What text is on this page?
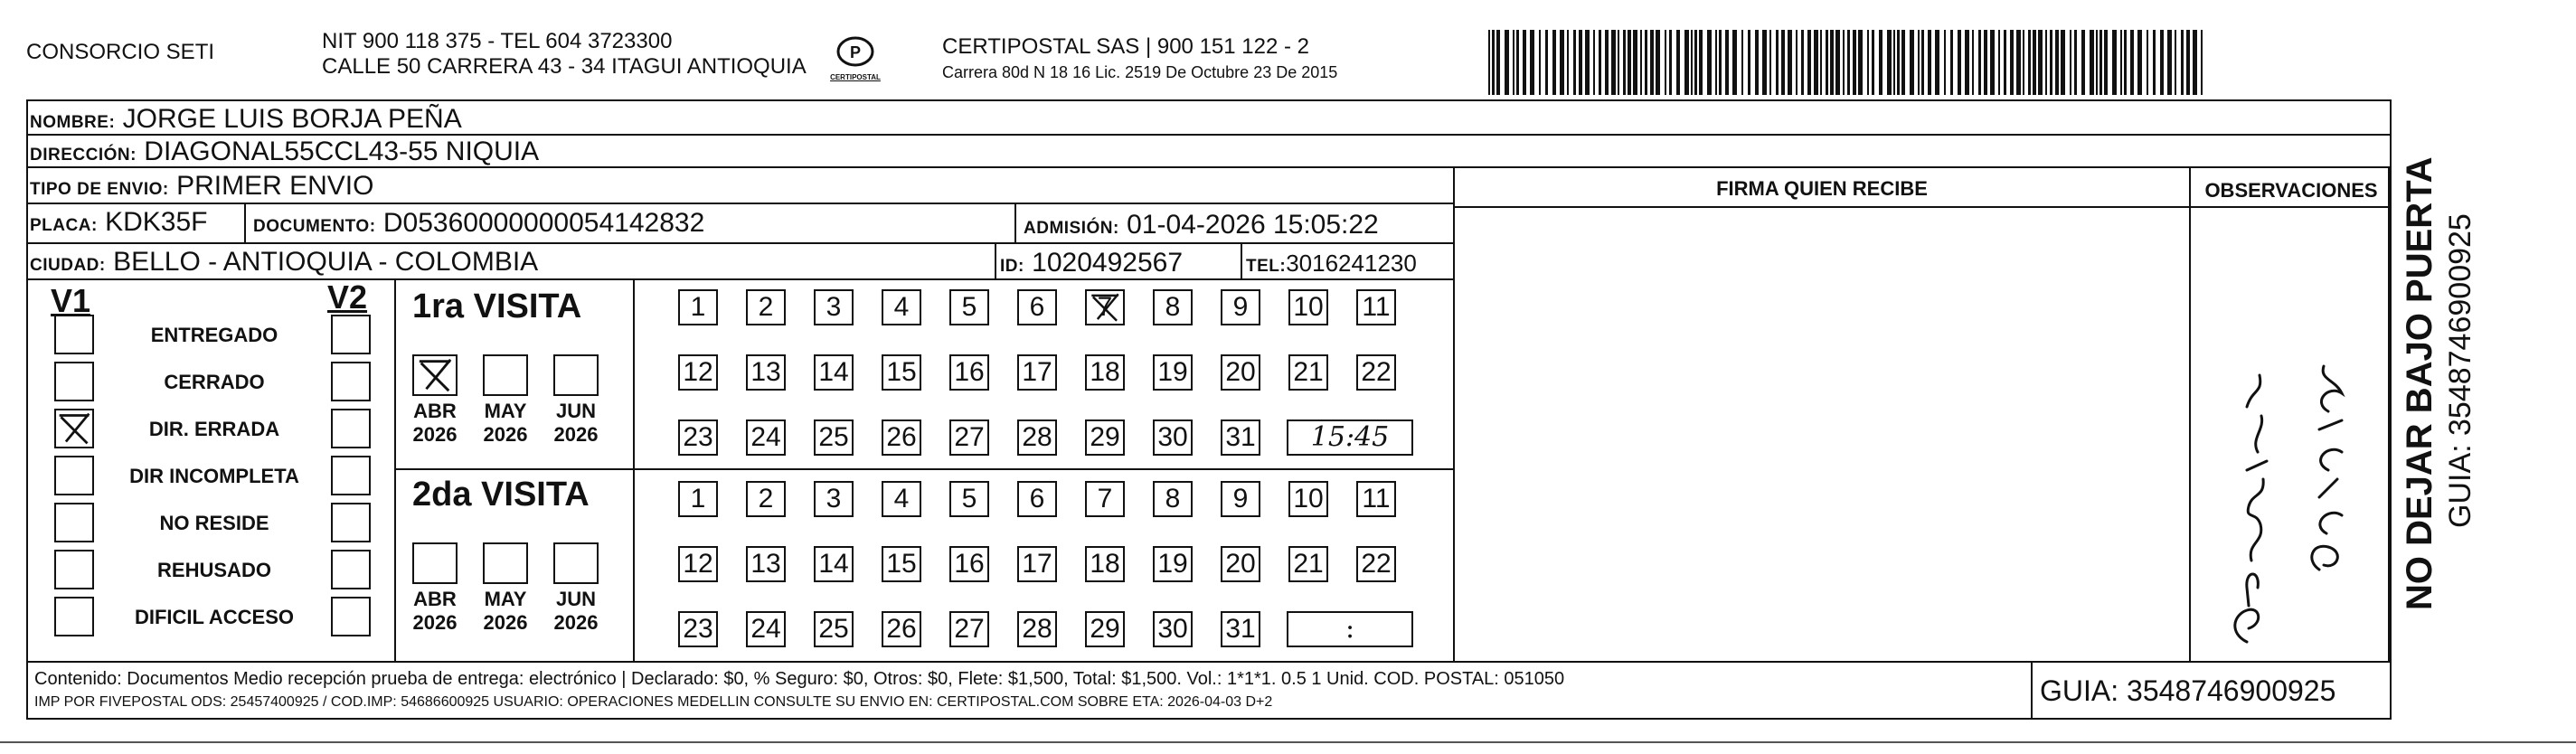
CONSORCIO SETI	NIT 900 118 375 - TEL 604 3723300
CALLE 50 CARRERA 43 - 34 ITAGUI ANTIOQUIA
P
CERTIPOSTAL
CERTIPOSTAL SAS | 900 151 122 - 2
Carrera 80d N 18 16 Lic. 2519 De Octubre 23 De 2015
NOMBRE: JORGE LUIS BORJA PEÑA
DIRECCIÓN: DIAGONAL55CCL43-55 NIQUIA
TIPO DE ENVIO: PRIMER ENVIO
PLACA: KDK35F	DOCUMENTO: D05360000000054142832	ADMISIÓN: 01-04-2026 15:05:22
CIUDAD: BELLO - ANTIOQUIA - COLOMBIA	ID: 1020492567	TEL:3016241230
FIRMA QUIEN RECIBE	OBSERVACIONES
V1	V2
ENTREGADO
CERRADO
DIR. ERRADA
DIR INCOMPLETA
NO RESIDE
REHUSADO
DIFICIL ACCESO
1ra VISITA
2da VISITA
ABR
2026
MAY
2026
JUN
2026
ABR
2026
MAY
2026
JUN
2026
1	2	3	4	5	6	7	8	9	10 11
12 13 14 15 16 17 18 19 20 21 22
23 24 25 26 27 28 29 30 31	15:45
1	2	3	4	5	6	7	8	9	10 11
12 13 14 15 16 17 18 19 20 21 22
23 24 25 26 27 28 29 30 31	:
Contenido: Documentos Medio recepción prueba de entrega: electrónico | Declarado: $0, % Seguro: $0, Otros: $0, Flete: $1,500, Total: $1,500. Vol.: 1*1*1. 0.5 1 Unid. COD. POSTAL: 051050
IMP POR FIVEPOSTAL ODS: 25457400925 / COD.IMP: 54686600925 USUARIO: OPERACIONES MEDELLIN CONSULTE SU ENVIO EN: CERTIPOSTAL.COM SOBRE ETA: 2026-04-03 D+2	GUIA: 3548746900925
NO DEJAR BAJO PUERTA GUIA: 3548746900925
